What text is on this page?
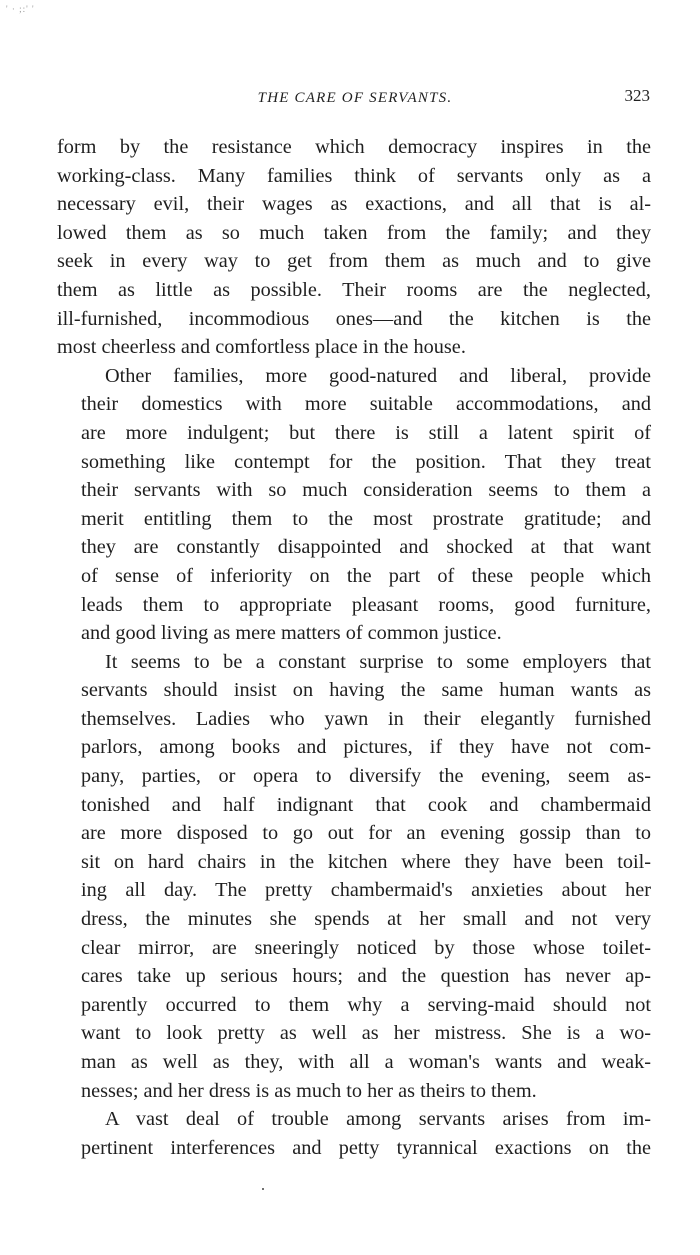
' · ;:' '
THE CARE OF SERVANTS.	323
form by the resistance which democracy inspires in the
working-class. Many families think of servants only as a
necessary evil, their wages as exactions, and all that is al-
lowed them as so much taken from the family; and they
seek in every way to get from them as much and to give
them as little as possible. Their rooms are the neglected,
ill-furnished, incommodious ones—and the kitchen is the
most cheerless and comfortless place in the house.
Other families, more good-natured and liberal, provide
their domestics with more suitable accommodations, and
are more indulgent; but there is still a latent spirit of
something like contempt for the position. That they treat
their servants with so much consideration seems to them a
merit entitling them to the most prostrate gratitude; and
they are constantly disappointed and shocked at that want
of sense of inferiority on the part of these people which
leads them to appropriate pleasant rooms, good furniture,
and good living as mere matters of common justice.
It seems to be a constant surprise to some employers that
servants should insist on having the same human wants as
themselves. Ladies who yawn in their elegantly furnished
parlors, among books and pictures, if they have not com-
pany, parties, or opera to diversify the evening, seem as-
tonished and half indignant that cook and chambermaid
are more disposed to go out for an evening gossip than to
sit on hard chairs in the kitchen where they have been toil-
ing all day. The pretty chambermaid's anxieties about her
dress, the minutes she spends at her small and not very
clear mirror, are sneeringly noticed by those whose toilet-
cares take up serious hours; and the question has never ap-
parently occurred to them why a serving-maid should not
want to look pretty as well as her mistress. She is a wo-
man as well as they, with all a woman's wants and weak-
nesses; and her dress is as much to her as theirs to them.
A vast deal of trouble among servants arises from im-
pertinent interferences and petty tyrannical exactions on the
